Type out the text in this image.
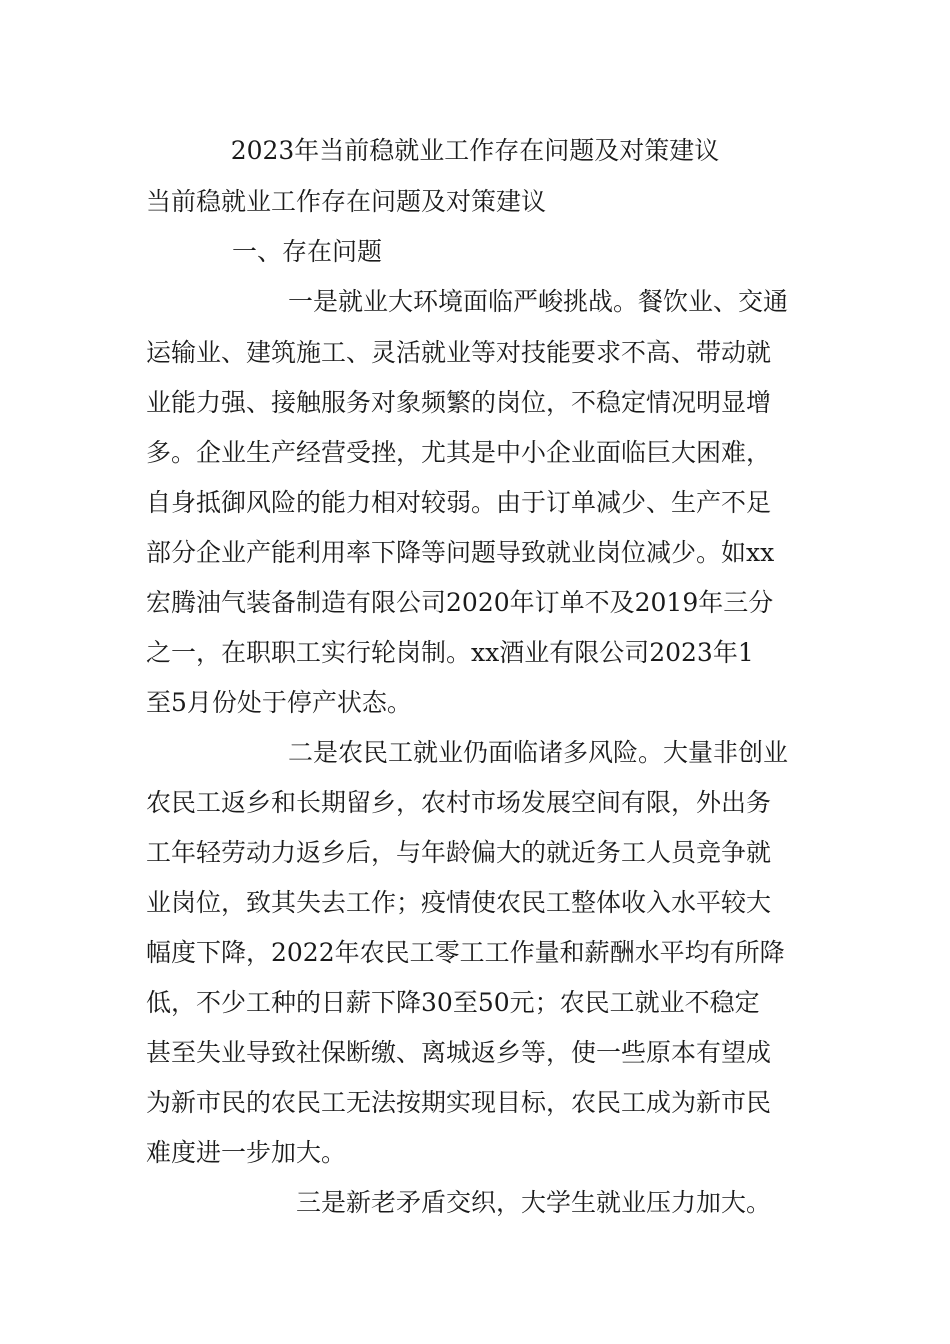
2023年当前稳就业工作存在问题及对策建议

当前稳就业工作存在问题及对策建议

一、存在问题

一是就业大环境面临严峻挑战。餐饮业、交通

运输业、建筑施工、灵活就业等对技能要求不高、带动就

业能力强、接触服务对象频繁的岗位，不稳定情况明显增

多。企业生产经营受挫，尤其是中小企业面临巨大困难，

自身抵御风险的能力相对较弱。由于订单减少、生产不足

部分企业产能利用率下降等问题导致就业岗位减少。如xx

宏腾油气装备制造有限公司2020年订单不及2019年三分

之一，在职职工实行轮岗制。xx酒业有限公司2023年1

至5月份处于停产状态。

二是农民工就业仍面临诸多风险。大量非创业

农民工返乡和长期留乡，农村市场发展空间有限，外出务

工年轻劳动力返乡后，与年龄偏大的就近务工人员竞争就

业岗位，致其失去工作；疫情使农民工整体收入水平较大

幅度下降，2022年农民工零工工作量和薪酬水平均有所降

低，不少工种的日薪下降30至50元；农民工就业不稳定

甚至失业导致社保断缴、离城返乡等，使一些原本有望成

为新市民的农民工无法按期实现目标，农民工成为新市民

难度进一步加大。

三是新老矛盾交织，大学生就业压力加大。
